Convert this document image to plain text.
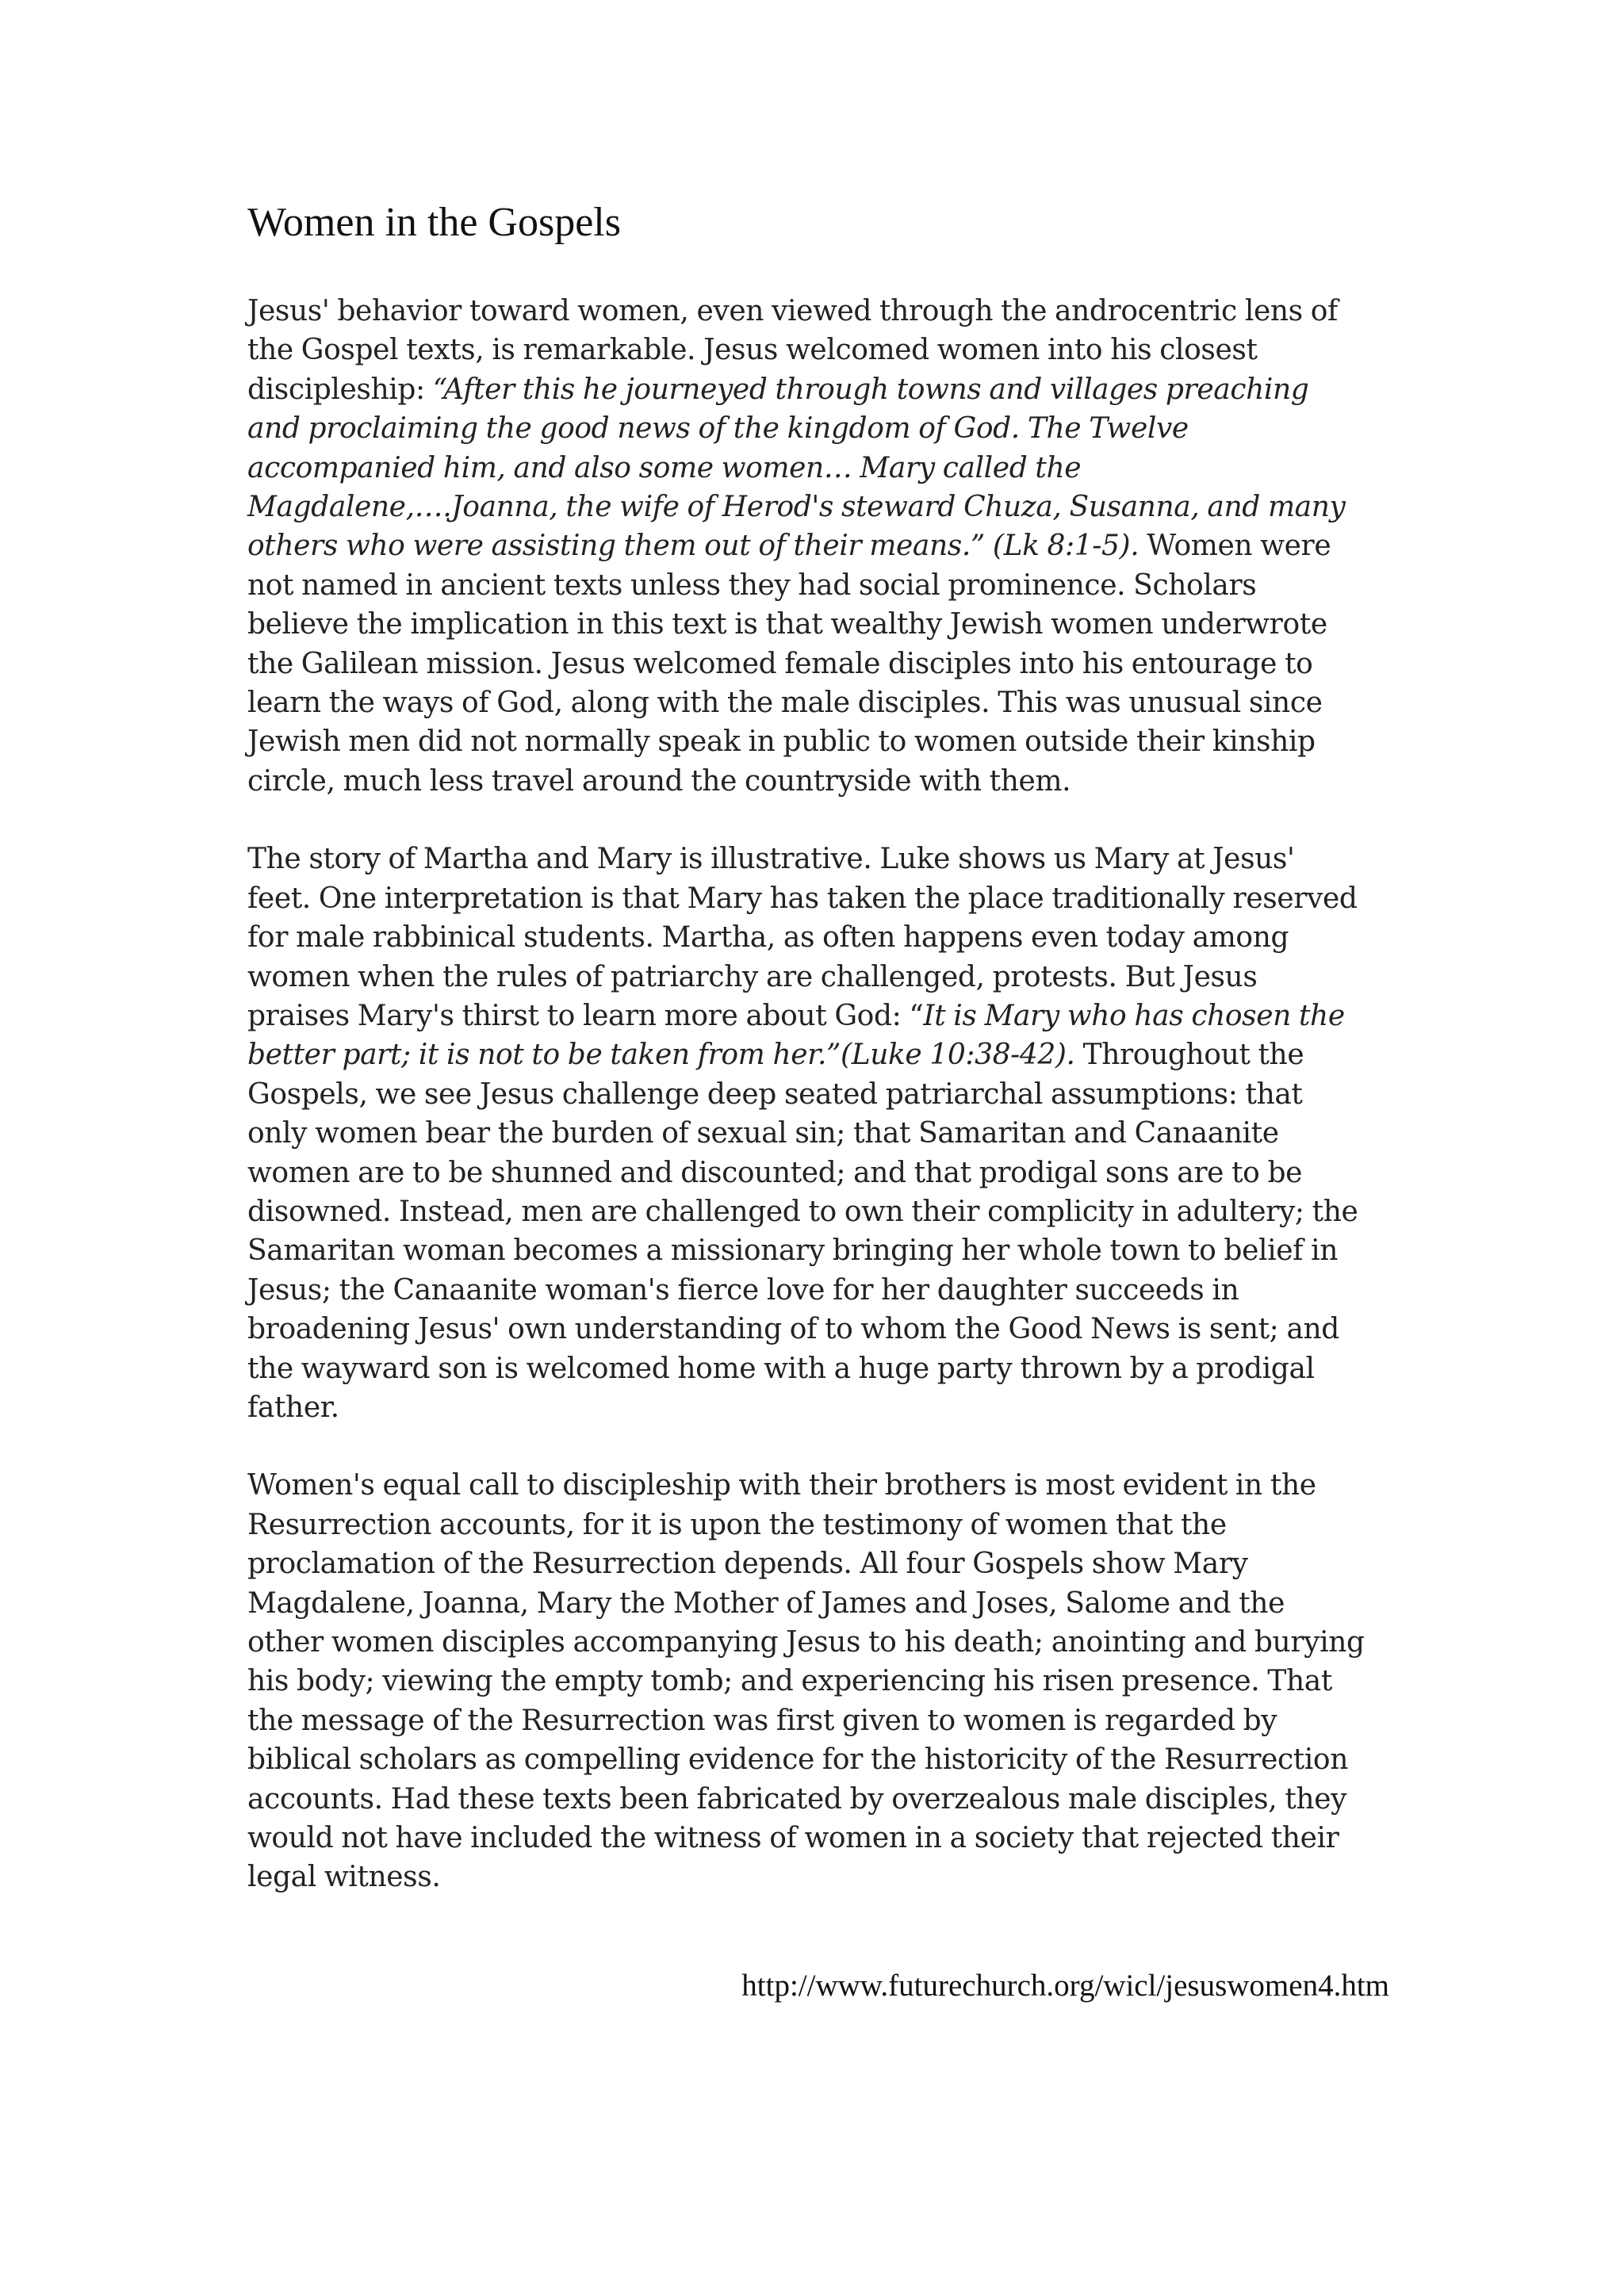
Women in the Gospels
Jesus' behavior toward women, even viewed through the androcentric lens of
the Gospel texts, is remarkable. Jesus welcomed women into his closest
discipleship: “After this he journeyed through towns and villages preaching
and proclaiming the good news of the kingdom of God. The Twelve
accompanied him, and also some women… Mary called the
Magdalene,….Joanna, the wife of Herod's steward Chuza, Susanna, and many
others who were assisting them out of their means.” (Lk 8:1-5). Women were
not named in ancient texts unless they had social prominence. Scholars
believe the implication in this text is that wealthy Jewish women underwrote
the Galilean mission. Jesus welcomed female disciples into his entourage to
learn the ways of God, along with the male disciples. This was unusual since
Jewish men did not normally speak in public to women outside their kinship
circle, much less travel around the countryside with them.
The story of Martha and Mary is illustrative. Luke shows us Mary at Jesus'
feet. One interpretation is that Mary has taken the place traditionally reserved
for male rabbinical students. Martha, as often happens even today among
women when the rules of patriarchy are challenged, protests. But Jesus
praises Mary's thirst to learn more about God: “It is Mary who has chosen the
better part; it is not to be taken from her.”(Luke 10:38-42). Throughout the
Gospels, we see Jesus challenge deep seated patriarchal assumptions: that
only women bear the burden of sexual sin; that Samaritan and Canaanite
women are to be shunned and discounted; and that prodigal sons are to be
disowned. Instead, men are challenged to own their complicity in adultery; the
Samaritan woman becomes a missionary bringing her whole town to belief in
Jesus; the Canaanite woman's fierce love for her daughter succeeds in
broadening Jesus' own understanding of to whom the Good News is sent; and
the wayward son is welcomed home with a huge party thrown by a prodigal
father.
Women's equal call to discipleship with their brothers is most evident in the
Resurrection accounts, for it is upon the testimony of women that the
proclamation of the Resurrection depends. All four Gospels show Mary
Magdalene, Joanna, Mary the Mother of James and Joses, Salome and the
other women disciples accompanying Jesus to his death; anointing and burying
his body; viewing the empty tomb; and experiencing his risen presence. That
the message of the Resurrection was first given to women is regarded by
biblical scholars as compelling evidence for the historicity of the Resurrection
accounts. Had these texts been fabricated by overzealous male disciples, they
would not have included the witness of women in a society that rejected their
legal witness.
http://www.futurechurch.org/wicl/jesuswomen4.htm
